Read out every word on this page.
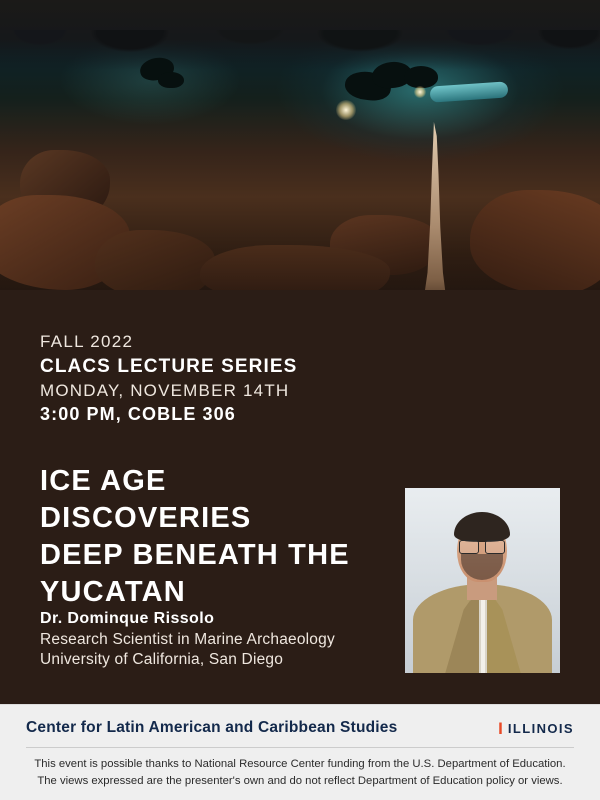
FALL 2022

CLACS LECTURE SERIES

MONDAY, NOVEMBER 14TH

3:00 PM, COBLE 306

ICE AGE DISCOVERIES
DEEP BENEATH THE
YUCATAN

Dr. Dominque Rissolo

Research Scientist in Marine Archaeology

University of California, San Diego

Center for Latin American and Caribbean Studies	I ILLINOIS
This event is possible thanks to National Resource Center funding from the U.S. Department of Education.
The views expressed are the presenter's own and do not reflect Department of Education policy or views.
